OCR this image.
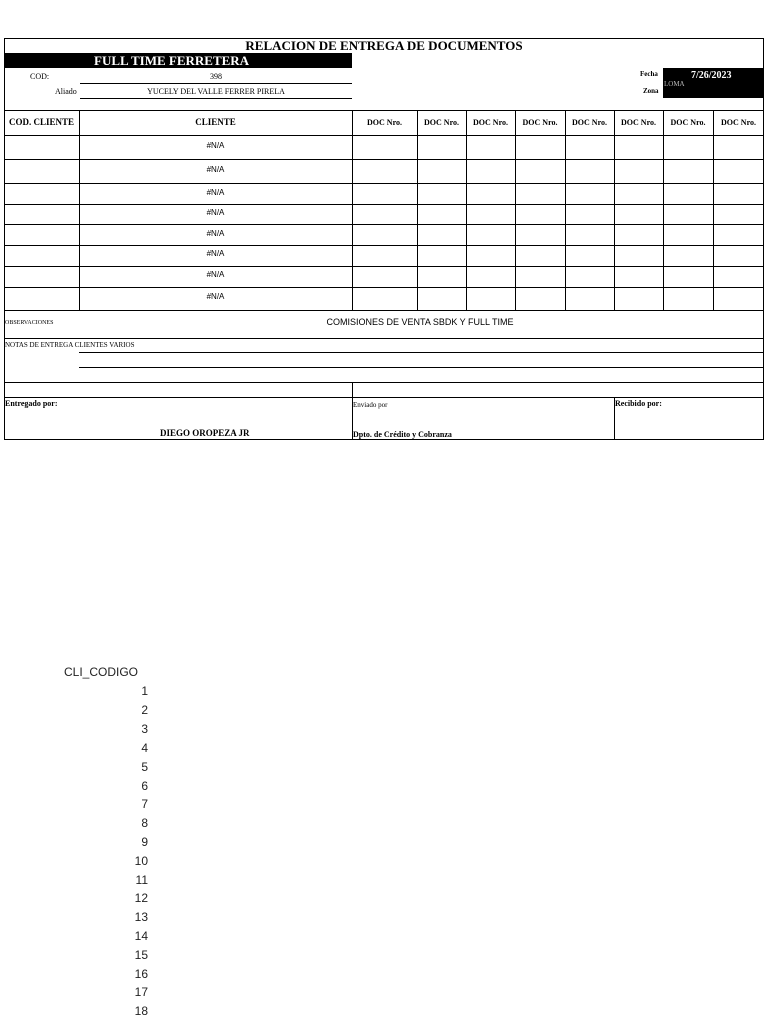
RELACION DE ENTREGA DE DOCUMENTOS
FULL TIME FERRETERA
COD:	398
Aliado	YUCELY DEL VALLE FERRER PIRELA
Fecha	7/26/2023
LOMA
Zona
COD. CLIENTE	CLIENTE	DOC Nro.	DOC Nro.	DOC Nro.	DOC Nro.	DOC Nro.	DOC Nro.	DOC Nro.	DOC Nro.
#N/A
#N/A
#N/A
#N/A
#N/A
#N/A
#N/A
#N/A
OBSERVACIONES	COMISIONES DE VENTA SBDK Y FULL TIME
NOTAS DE ENTREGA CLIENTES VARIOS
Entregado por:
DIEGO OROPEZA JR
Enviado por
Dpto. de Crédito y Cobranza
Recibido por:
CLI_CODIGO
1
2
3
4
5
6
7
8
9
10
11
12
13
14
15
16
17
18
